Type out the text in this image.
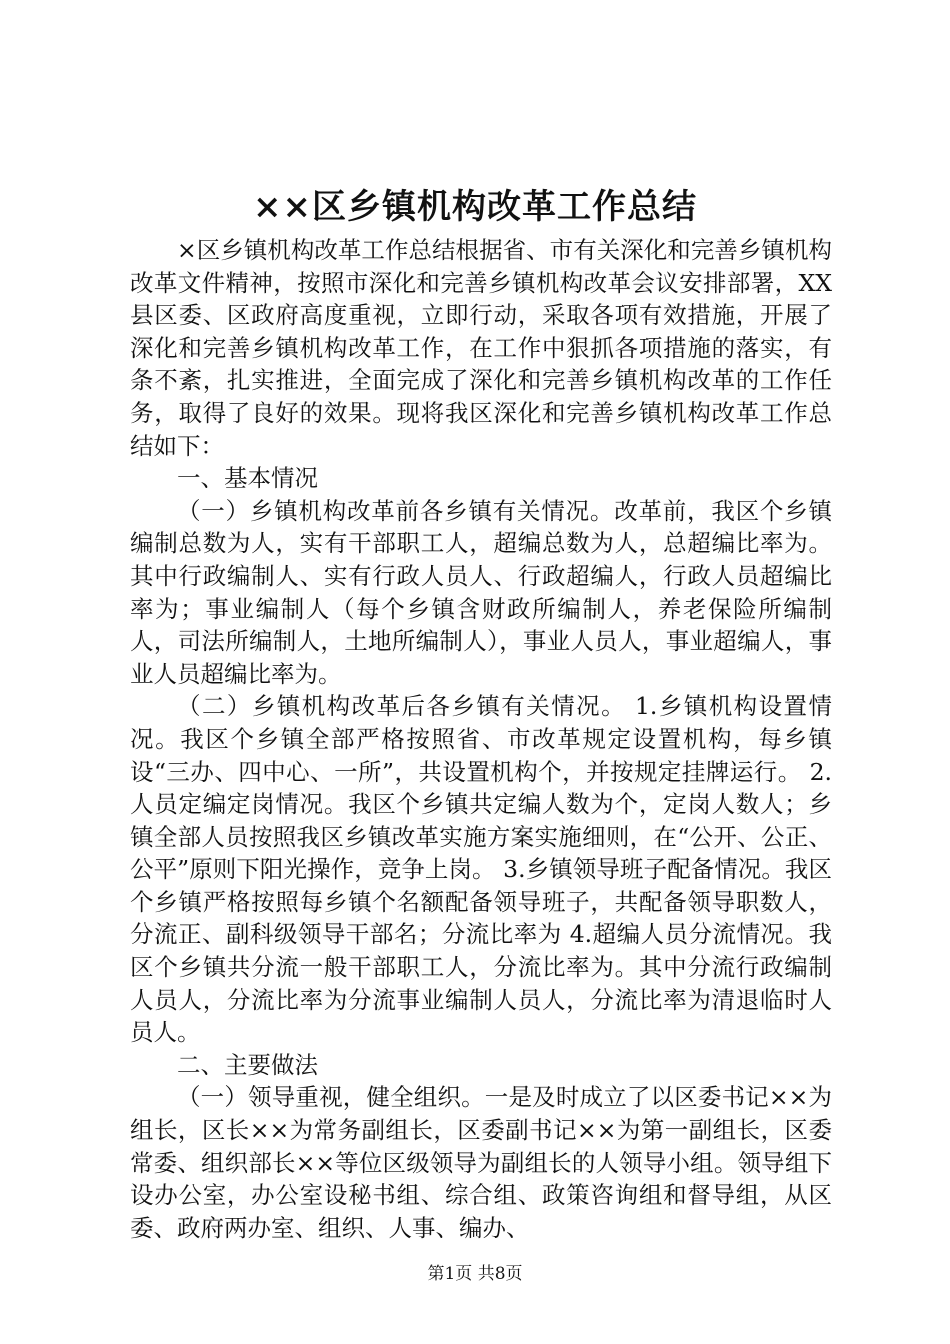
××区乡镇机构改革工作总结

×区乡镇机构改革工作总结根据省、市有关深化和完善乡镇机构改革文件精神，按照市深化和完善乡镇机构改革会议安排部署，XX县区委、区政府高度重视，立即行动，采取各项有效措施，开展了深化和完善乡镇机构改革工作，在工作中狠抓各项措施的落实，有条不紊，扎实推进，全面完成了深化和完善乡镇机构改革的工作任务，取得了良好的效果。现将我区深化和完善乡镇机构改革工作总结如下：

一、基本情况

（一）乡镇机构改革前各乡镇有关情况。改革前，我区个乡镇编制总数为人，实有干部职工人，超编总数为人，总超编比率为。其中行政编制人、实有行政人员人、行政超编人，行政人员超编比率为；事业编制人（每个乡镇含财政所编制人，养老保险所编制人，司法所编制人，土地所编制人），事业人员人，事业超编人，事业人员超编比率为。

（二）乡镇机构改革后各乡镇有关情况。 1.乡镇机构设置情况。我区个乡镇全部严格按照省、市改革规定设置机构，每乡镇设“三办、四中心、一所”，共设置机构个，并按规定挂牌运行。 2.人员定编定岗情况。我区个乡镇共定编人数为个，定岗人数人；乡镇全部人员按照我区乡镇改革实施方案实施细则，在“公开、公正、公平”原则下阳光操作，竞争上岗。 3.乡镇领导班子配备情况。我区个乡镇严格按照每乡镇个名额配备领导班子，共配备领导职数人，分流正、副科级领导干部名；分流比率为 4.超编人员分流情况。我区个乡镇共分流一般干部职工人，分流比率为。其中分流行政编制人员人，分流比率为分流事业编制人员人，分流比率为清退临时人员人。

二、主要做法

（一）领导重视，健全组织。一是及时成立了以区委书记××为组长，区长××为常务副组长，区委副书记××为第一副组长，区委常委、组织部长××等位区级领导为副组长的人领导小组。领导组下设办公室，办公室设秘书组、综合组、政策咨询组和督导组，从区委、政府两办室、组织、人事、编办、

第1页 共8页
